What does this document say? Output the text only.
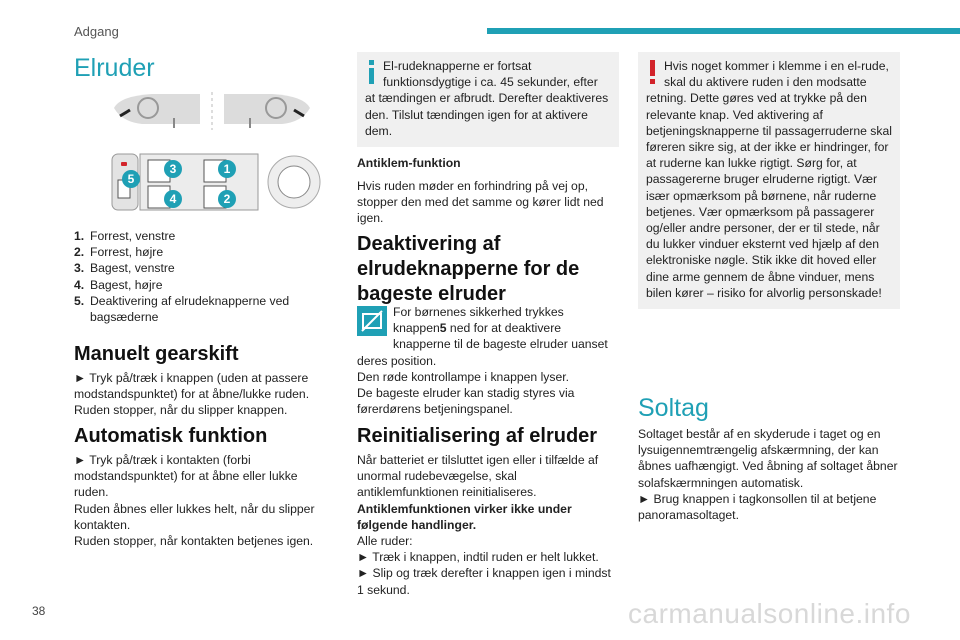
Adgang
Elruder
5
3	1
4	2
1. Forrest, venstre
2. Forrest, højre
3. Bagest, venstre
4. Bagest, højre
5. Deaktivering af elrudeknapperne ved bagsæderne
Manuelt gearskift
► Tryk på/træk i knappen (uden at passere modstandspunktet) for at åbne/lukke ruden. Ruden stopper, når du slipper knappen.
Automatisk funktion
► Tryk på/træk i kontakten (forbi modstandspunktet) for at åbne eller lukke ruden.
Ruden åbnes eller lukkes helt, når du slipper kontakten.
Ruden stopper, når kontakten betjenes igen.
El-rudeknapperne er fortsat funktionsdygtige i ca. 45 sekunder, efter at tændingen er afbrudt. Derefter deaktiveres den. Tilslut tændingen igen for at aktivere dem.
Antiklem-funktion
Hvis ruden møder en forhindring på vej op, stopper den med det samme og kører lidt ned igen.
Deaktivering af elrudeknapperne for de bageste elruder
For børnenes sikkerhed trykkes knappen5 ned for at deaktivere knapperne til de bageste elruder uanset deres position.
Den røde kontrollampe i knappen lyser.
De bageste elruder kan stadig styres via førerdørens betjeningspanel.
Reinitialisering af elruder
Når batteriet er tilsluttet igen eller i tilfælde af unormal rudebevægelse, skal antiklemfunktionen reinitialiseres.
Antiklemfunktionen virker ikke under følgende handlinger.
Alle ruder:
► Træk i knappen, indtil ruden er helt lukket.
► Slip og træk derefter i knappen igen i mindst 1 sekund.
Hvis noget kommer i klemme i en el-rude, skal du aktivere ruden i den modsatte retning. Dette gøres ved at trykke på den relevante knap. Ved aktivering af betjeningsknapperne til passagerruderne skal føreren sikre sig, at der ikke er hindringer, for at ruderne kan lukke rigtigt. Sørg for, at passagererne bruger elruderne rigtigt. Vær især opmærksom på børnene, når ruderne betjenes. Vær opmærksom på passagerer og/eller andre personer, der er til stede, når du lukker vinduer eksternt ved hjælp af den elektroniske nøgle. Stik ikke dit hoved eller dine arme gennem de åbne vinduer, mens bilen kører – risiko for alvorlig personskade!
Soltag
Soltaget består af en skyderude i taget og en lysuigennemtrængelig afskærmning, der kan åbnes uafhængigt. Ved åbning af soltaget åbner solafskærmningen automatisk.
► Brug knappen i tagkonsollen til at betjene panoramasoltaget.
38	carmanualsonline.info
